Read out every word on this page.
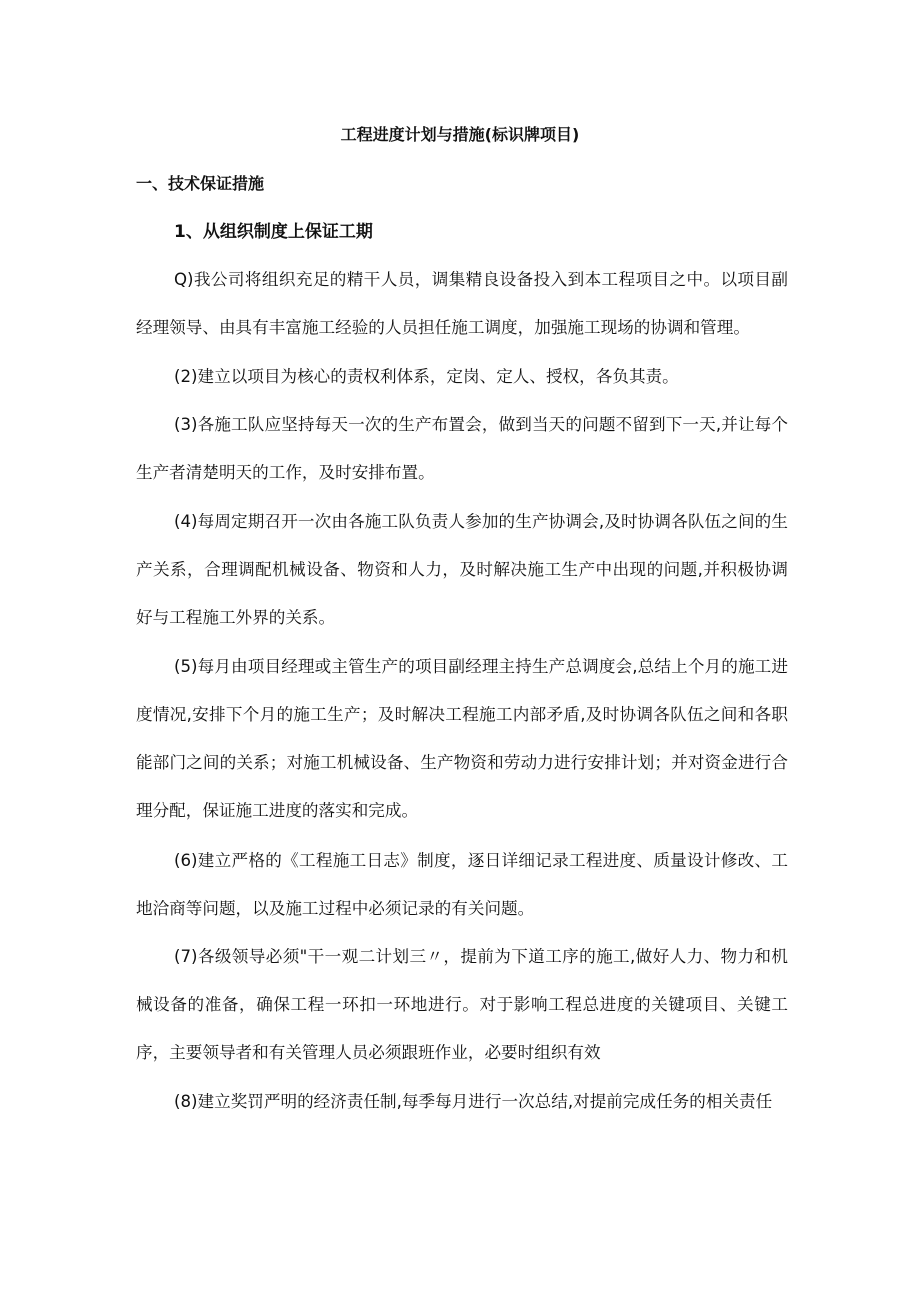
工程进度计划与措施(标识牌项目)
一、技术保证措施
1、从组织制度上保证工期

Q)我公司将组织充足的精干人员，调集精良设备投入到本工程项目之中。以项目副经理领导、由具有丰富施工经验的人员担任施工调度，加强施工现场的协调和管理。

(2)建立以项目为核心的责权利体系，定岗、定人、授权，各负其责。

(3)各施工队应坚持每天一次的生产布置会，做到当天的问题不留到下一天,并让每个生产者清楚明天的工作，及时安排布置。

(4)每周定期召开一次由各施工队负责人参加的生产协调会,及时协调各队伍之间的生产关系，合理调配机械设备、物资和人力，及时解决施工生产中出现的问题,并积极协调好与工程施工外界的关系。

(5)每月由项目经理或主管生产的项目副经理主持生产总调度会,总结上个月的施工进度情况,安排下个月的施工生产；及时解决工程施工内部矛盾,及时协调各队伍之间和各职能部门之间的关系；对施工机械设备、生产物资和劳动力进行安排计划；并对资金进行合理分配，保证施工进度的落实和完成。

(6)建立严格的《工程施工日志》制度，逐日详细记录工程进度、质量设计修改、工地洽商等问题，以及施工过程中必须记录的有关问题。

(7)各级领导必须"干一观二计划三〃，提前为下道工序的施工,做好人力、物力和机械设备的准备，确保工程一环扣一环地进行。对于影响工程总进度的关键项目、关键工序，主要领导者和有关管理人员必须跟班作业，必要时组织有效

(8)建立奖罚严明的经济责任制,每季每月进行一次总结,对提前完成任务的相关责任
